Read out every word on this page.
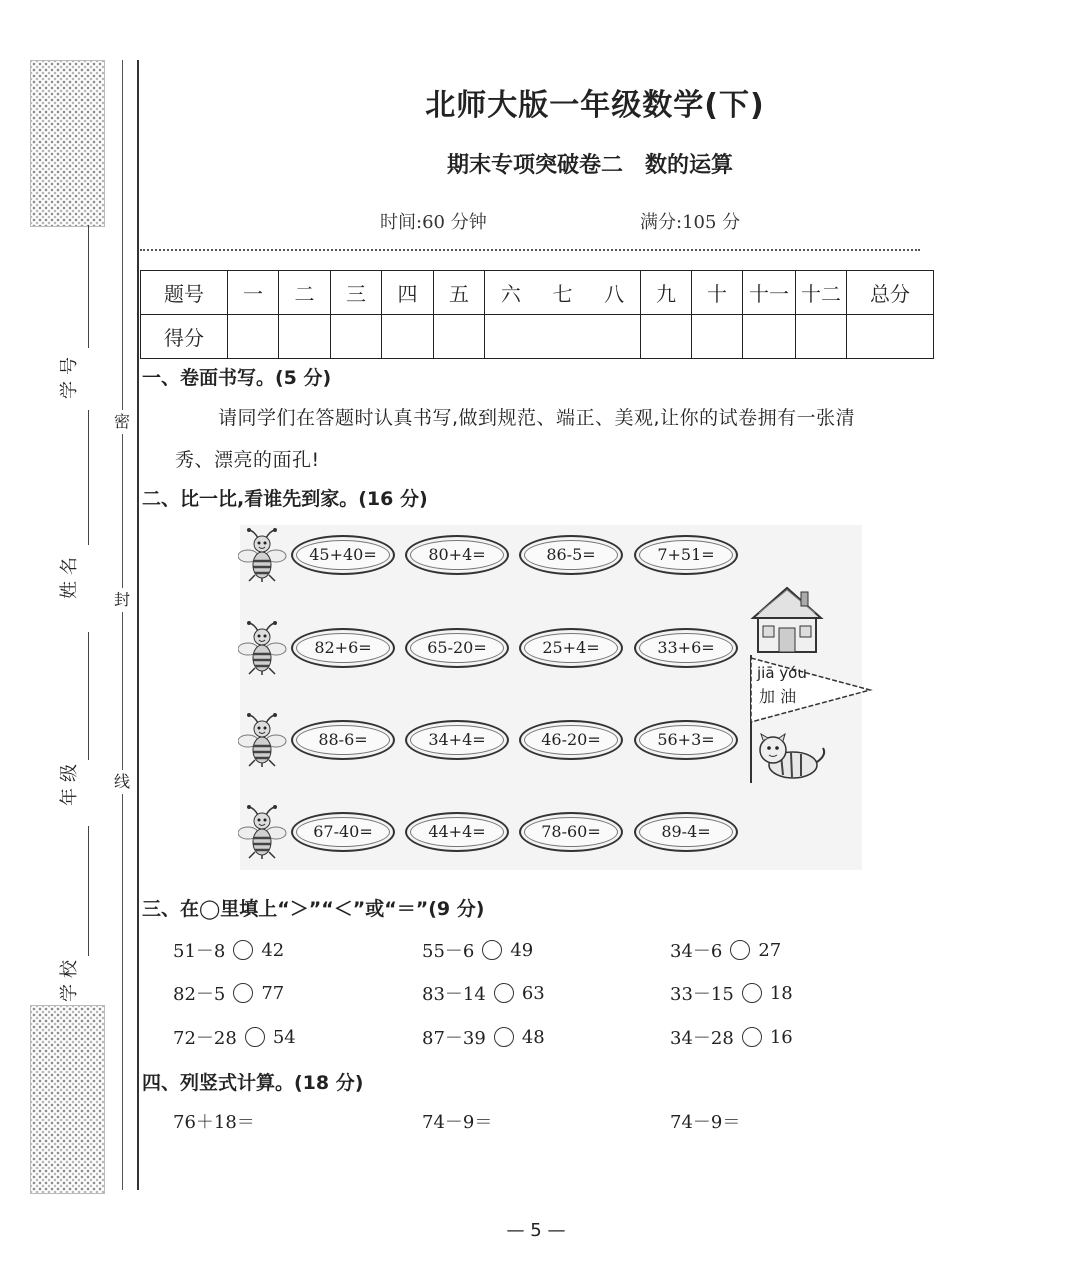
学号
姓名
年级
学校
密
封
线
北师大版一年级数学(下)
期末专项突破卷二　数的运算
时间:60 分钟	满分:105 分
题号	一	二	三	四	五	六 七 八	九	十	十一	十二	总分
得分											
一、卷面书写。(5 分)
请同学们在答题时认真书写,做到规范、端正、美观,让你的试卷拥有一张清
秀、漂亮的面孔!
二、比一比,看谁先到家。(16 分)
45+40=	80+4=	86-5=	7+51=
82+6=	65-20=	25+4=	33+6=
88-6=	34+4=	46-20=	56+3=
67-40=	44+4=	78-60=	89-4=
jiā yóu
加 油
三、在◯里填上“＞”“＜”或“＝”(9 分)
51－8 42	55－6 49	34－6 27
82－5 77	83－14 63	33－15 18
72－28 54	87－39 48	34－28 16
四、列竖式计算。(18 分)
76＋18＝	74－9＝	74－9＝
— 5 —
